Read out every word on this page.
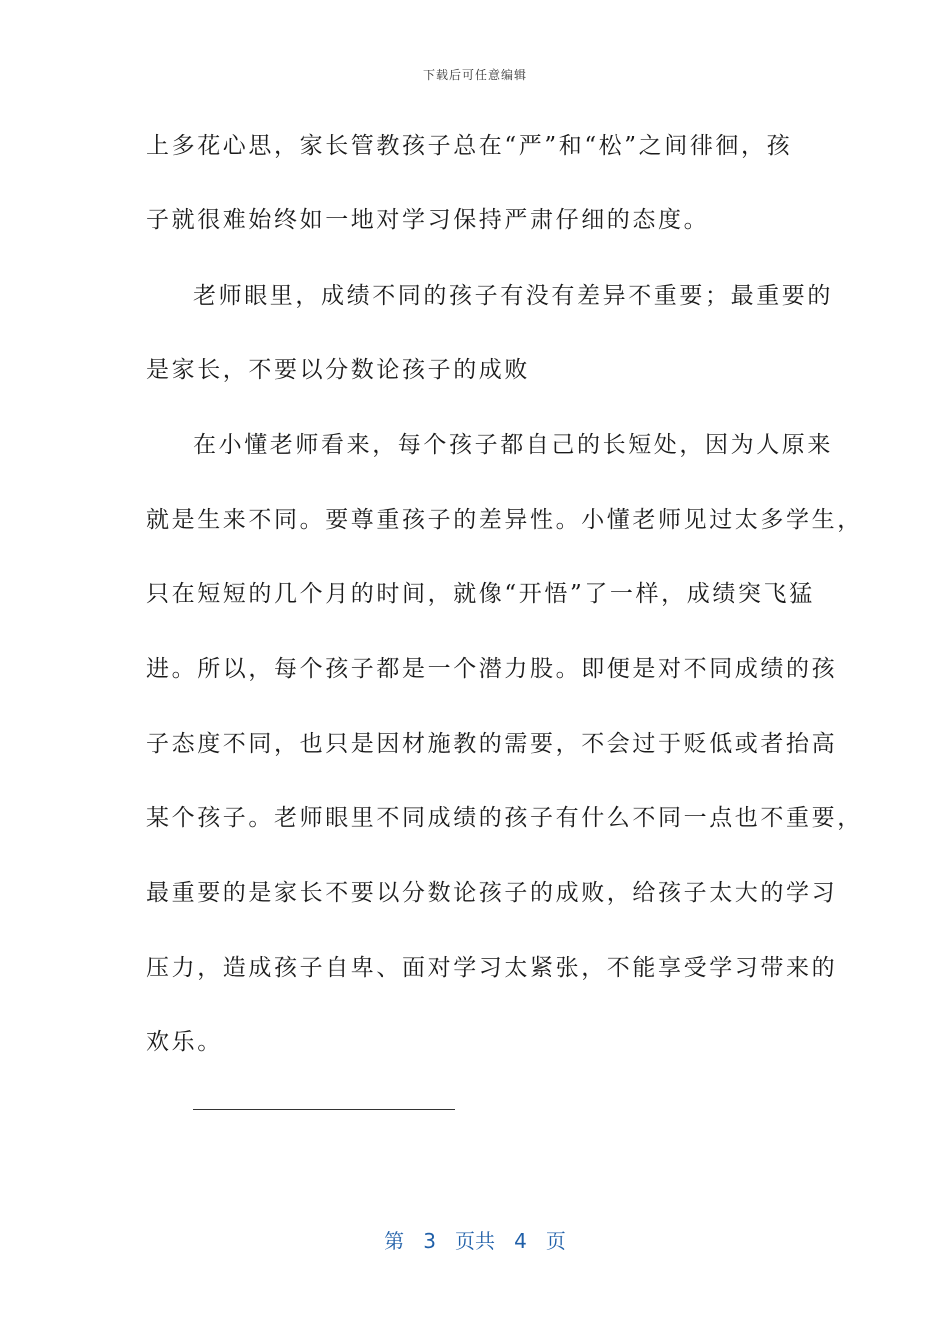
下载后可任意编辑
上多花心思，家长管教孩子总在“严”和“松”之间徘徊，孩
子就很难始终如一地对学习保持严肃仔细的态度。
老师眼里，成绩不同的孩子有没有差异不重要；最重要的
是家长，不要以分数论孩子的成败
在小懂老师看来，每个孩子都自己的长短处，因为人原来
就是生来不同。要尊重孩子的差异性。小懂老师见过太多学生，
只在短短的几个月的时间，就像“开悟”了一样，成绩突飞猛
进。所以，每个孩子都是一个潜力股。即便是对不同成绩的孩
子态度不同，也只是因材施教的需要，不会过于贬低或者抬高
某个孩子。老师眼里不同成绩的孩子有什么不同一点也不重要，
最重要的是家长不要以分数论孩子的成败，给孩子太大的学习
压力，造成孩子自卑、面对学习太紧张，不能享受学习带来的
欢乐。
第 3 页共 4 页
